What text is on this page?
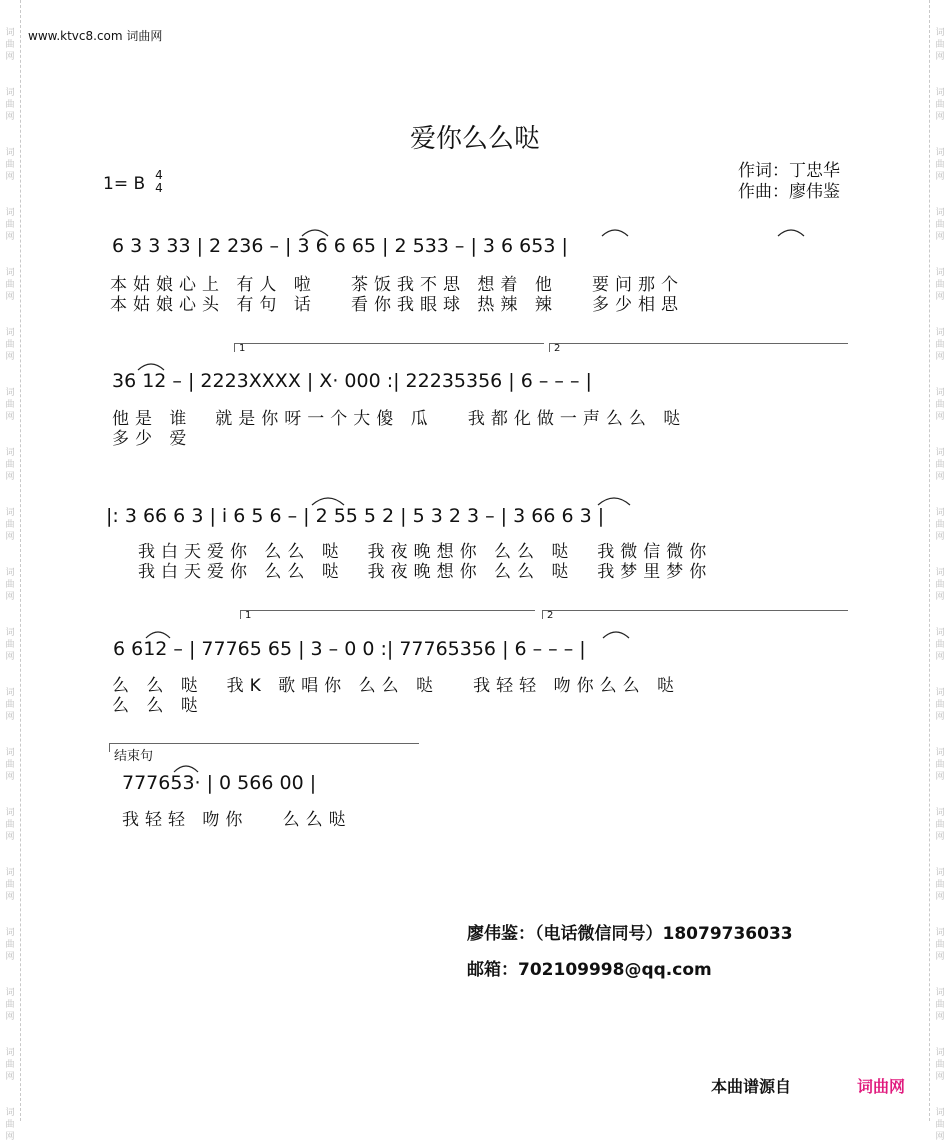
词
曲
网
词
曲
网
词
曲
网
词
曲
网
词
曲
网
词
曲
网
词
曲
网
词
曲
网
词
曲
网
词
曲
网
词
曲
网
词
曲
网
词
曲
网
词
曲
网
词
曲
网
词
曲
网
词
曲
网
词
曲
网
词
曲
网
词
曲
网
词
曲
网
词
曲
网
词
曲
网
词
曲
网
词
曲
网
词
曲
网
词
曲
网
词
曲
网
词
曲
网
词
曲
网
词
曲
网
词
曲
网
词
曲
网
词
曲
网
词
曲
网
词
曲
网
词
曲
网
词
曲
网
www.ktvc8.com 词曲网
爱你么么哒
1= B 4
4
作词：丁忠华
作曲：廖伟鉴
6 3 3 33 | 2 236 – | 3 6 6 65 | 2 533 – | 3 6 653 |
本姑娘心上 有人 啦   茶饭我不思 想着 他   要问那个
本姑娘心头 有句 话   看你我眼球 热辣 辣   多少相思
1	2
36 12 – | 2223XXXX | X· 000 :| 22235356 | 6 – – – |
他是 谁  就是你呀一个大傻 瓜   我都化做一声么么 哒
多少 爱
|: 3 66 6 3 | i 6 5 6 – | 2 55 5 2 | 5 3 2 3 – | 3 66 6 3 |
我白天爱你 么么 哒  我夜晚想你 么么 哒  我微信微你
我白天爱你 么么 哒  我夜晚想你 么么 哒  我梦里梦你
1	2
6 612 – | 77765 65 | 3 – 0 0 :| 77765356 | 6 – – – |
么 么 哒  我K 歌唱你 么么 哒   我轻轻 吻你么么 哒
么 么 哒
结束句
777653· | 0 566 00 |
我轻轻 吻你   么么哒
廖伟鉴：（电话微信同号）18079736033
邮箱：702109998@qq.com
本曲谱源自	词曲网
